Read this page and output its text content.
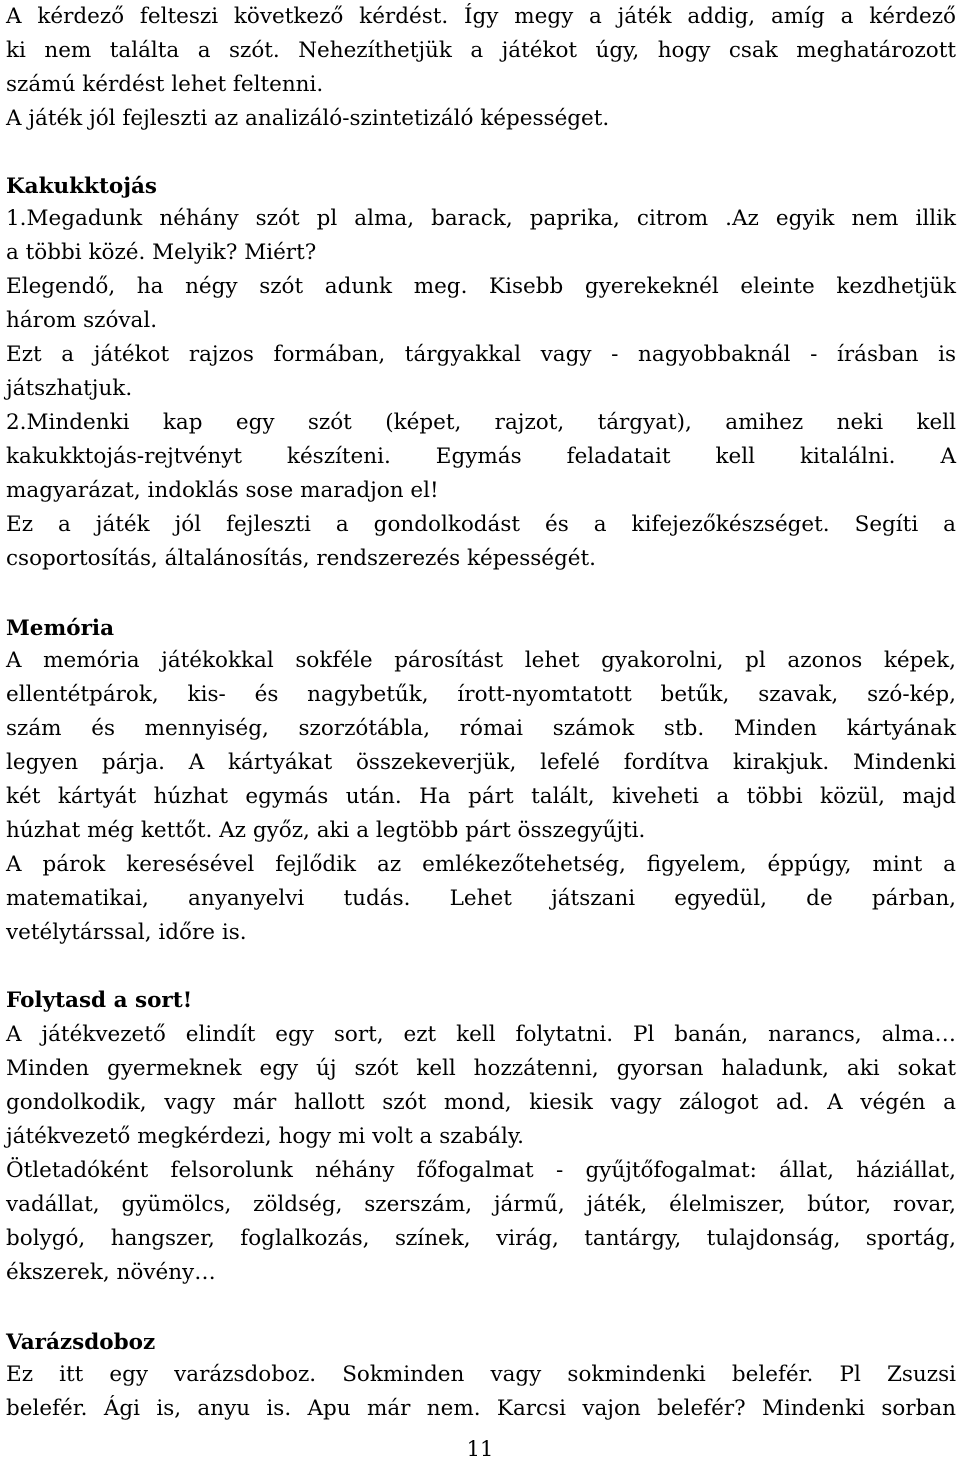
A kérdező felteszi következő kérdést. Így megy a játék addig, amíg a kérdező
ki nem találta a szót. Nehezíthetjük a játékot úgy, hogy csak meghatározott
számú kérdést lehet feltenni.
A játék jól fejleszti az analizáló-szintetizáló képességet.
Kakukktojás
1.Megadunk néhány szót pl alma, barack, paprika, citrom .Az egyik nem illik
a többi közé. Melyik? Miért?
Elegendő, ha négy szót adunk meg. Kisebb gyerekeknél eleinte kezdhetjük
három szóval.
Ezt a játékot rajzos formában, tárgyakkal vagy - nagyobbaknál - írásban is
játszhatjuk.
2.Mindenki kap egy szót (képet, rajzot, tárgyat), amihez neki kell
kakukktojás-rejtvényt készíteni. Egymás feladatait kell kitalálni. A
magyarázat, indoklás sose maradjon el!
Ez a játék jól fejleszti a gondolkodást és a kifejezőkészséget. Segíti a
csoportosítás, általánosítás, rendszerezés képességét.
Memória
A memória játékokkal sokféle párosítást lehet gyakorolni, pl azonos képek,
ellentétpárok, kis- és nagybetűk, írott-nyomtatott betűk, szavak, szó-kép,
szám és mennyiség, szorzótábla, római számok stb. Minden kártyának
legyen párja. A kártyákat összekeverjük, lefelé fordítva kirakjuk. Mindenki
két kártyát húzhat egymás után. Ha párt talált, kiveheti a többi közül, majd
húzhat még kettőt. Az győz, aki a legtöbb párt összegyűjti.
A párok keresésével fejlődik az emlékezőtehetség, figyelem, éppúgy, mint a
matematikai, anyanyelvi tudás. Lehet játszani egyedül, de párban,
vetélytárssal, időre is.
Folytasd a sort!
A játékvezető elindít egy sort, ezt kell folytatni. Pl banán, narancs, alma…
Minden gyermeknek egy új szót kell hozzátenni, gyorsan haladunk, aki sokat
gondolkodik, vagy már hallott szót mond, kiesik vagy zálogot ad. A végén a
játékvezető megkérdezi, hogy mi volt a szabály.
Ötletadóként felsorolunk néhány főfogalmat - gyűjtőfogalmat: állat, háziállat,
vadállat, gyümölcs, zöldség, szerszám, jármű, játék, élelmiszer, bútor, rovar,
bolygó, hangszer, foglalkozás, színek, virág, tantárgy, tulajdonság, sportág,
ékszerek, növény…
Varázsdoboz
Ez itt egy varázsdoboz. Sokminden vagy sokmindenki belefér. Pl Zsuzsi
belefér. Ági is, anyu is. Apu már nem. Karcsi vajon belefér? Mindenki sorban
11
